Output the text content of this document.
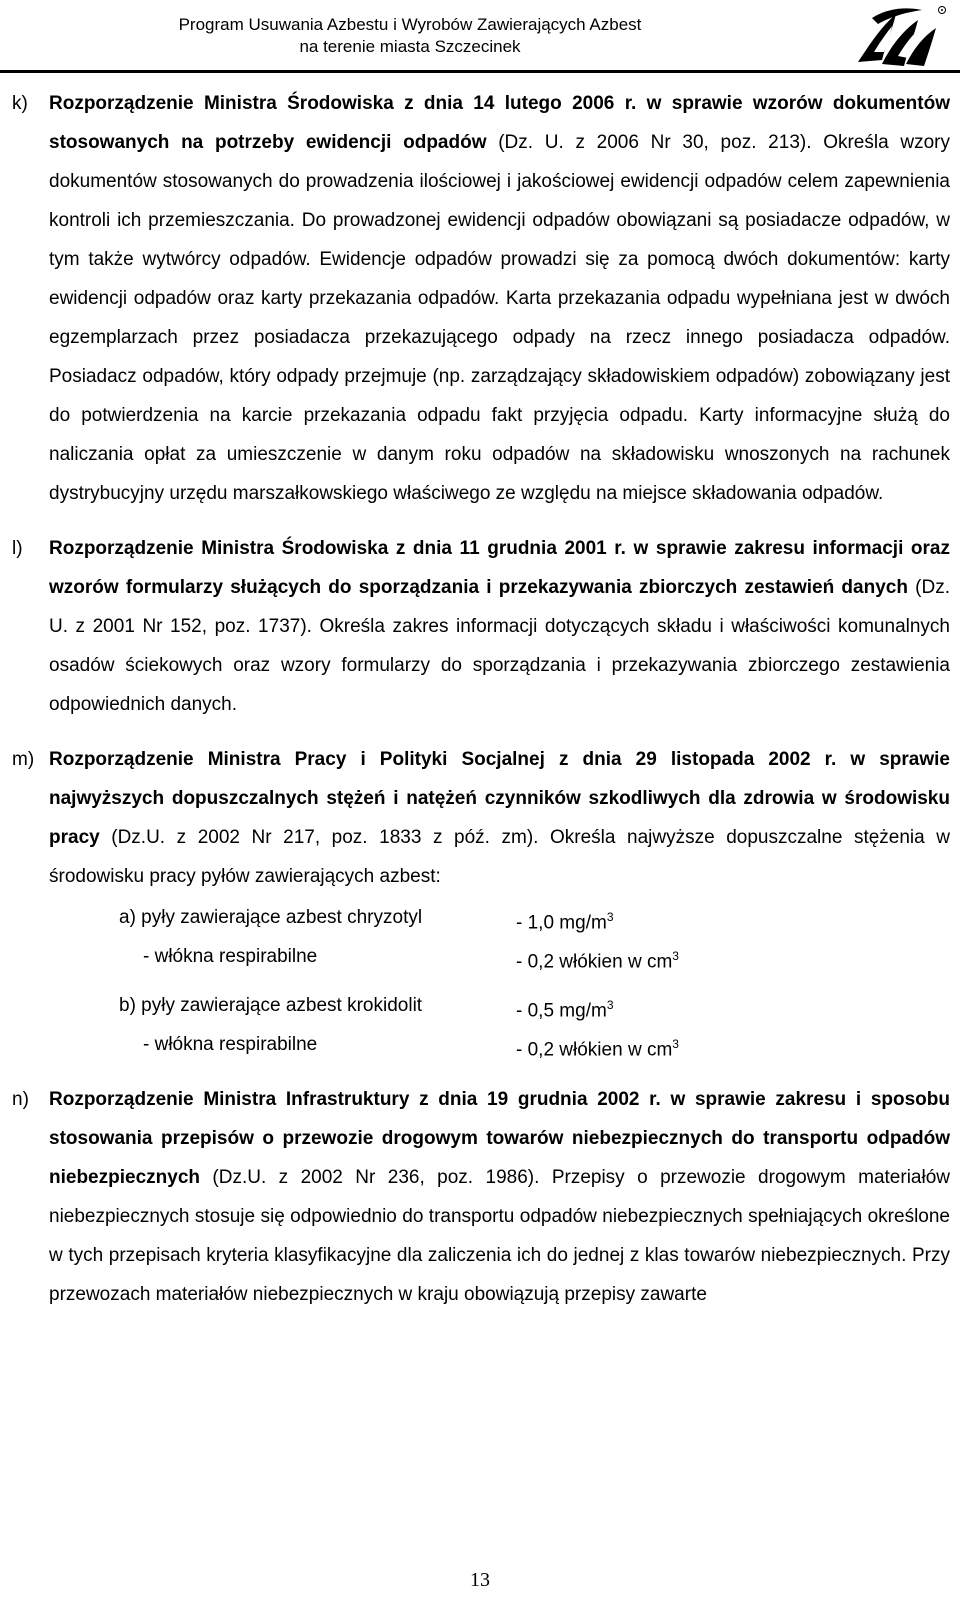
Program Usuwania Azbestu i Wyrobów Zawierających Azbest
na terenie miasta Szczecinek
k) Rozporządzenie Ministra Środowiska z dnia 14 lutego 2006 r. w sprawie wzorów dokumentów stosowanych na potrzeby ewidencji odpadów (Dz. U. z 2006 Nr 30, poz. 213). Określa wzory dokumentów stosowanych do prowadzenia ilościowej i jakościowej ewidencji odpadów celem zapewnienia kontroli ich przemieszczania. Do prowadzonej ewidencji odpadów obowiązani są posiadacze odpadów, w tym także wytwórcy odpadów. Ewidencje odpadów prowadzi się za pomocą dwóch dokumentów: karty ewidencji odpadów oraz karty przekazania odpadów. Karta przekazania odpadu wypełniana jest w dwóch egzemplarzach przez posiadacza przekazującego odpady na rzecz innego posiadacza odpadów. Posiadacz odpadów, który odpady przejmuje (np. zarządzający składowiskiem odpadów) zobowiązany jest do potwierdzenia na karcie przekazania odpadu fakt przyjęcia odpadu. Karty informacyjne służą do naliczania opłat za umieszczenie w danym roku odpadów na składowisku wnoszonych na rachunek dystrybucyjny urzędu marszałkowskiego właściwego ze względu na miejsce składowania odpadów.
l) Rozporządzenie Ministra Środowiska z dnia 11 grudnia 2001 r. w sprawie zakresu informacji oraz wzorów formularzy służących do sporządzania i przekazywania zbiorczych zestawień danych (Dz. U. z 2001 Nr 152, poz. 1737). Określa zakres informacji dotyczących składu i właściwości komunalnych osadów ściekowych oraz wzory formularzy do sporządzania i przekazywania zbiorczego zestawienia odpowiednich danych.
m) Rozporządzenie Ministra Pracy i Polityki Socjalnej z dnia 29 listopada 2002 r. w sprawie najwyższych dopuszczalnych stężeń i natężeń czynników szkodliwych dla zdrowia w środowisku pracy (Dz.U. z 2002 Nr 217, poz. 1833 z póź. zm). Określa najwyższe dopuszczalne stężenia w środowisku pracy pyłów zawierających azbest:
a) pyły zawierające azbest chryzotyl	- 1,0 $mg/m^3$
- włókna respirabilne	- 0,2 włókien w $cm^3$
b) pyły zawierające azbest krokidolit	- 0,5 $mg/m^3$
- włókna respirabilne	- 0,2 włókien w $cm^3$
n) Rozporządzenie Ministra Infrastruktury z dnia 19 grudnia 2002 r. w sprawie zakresu i sposobu stosowania przepisów o przewozie drogowym towarów niebezpiecznych do transportu odpadów niebezpiecznych (Dz.U. z 2002 Nr 236, poz. 1986). Przepisy o przewozie drogowym materiałów niebezpiecznych stosuje się odpowiednio do transportu odpadów niebezpiecznych spełniających określone w tych przepisach kryteria klasyfikacyjne dla zaliczenia ich do jednej z klas towarów niebezpiecznych. Przy przewozach materiałów niebezpiecznych w kraju obowiązują przepisy zawarte
13
